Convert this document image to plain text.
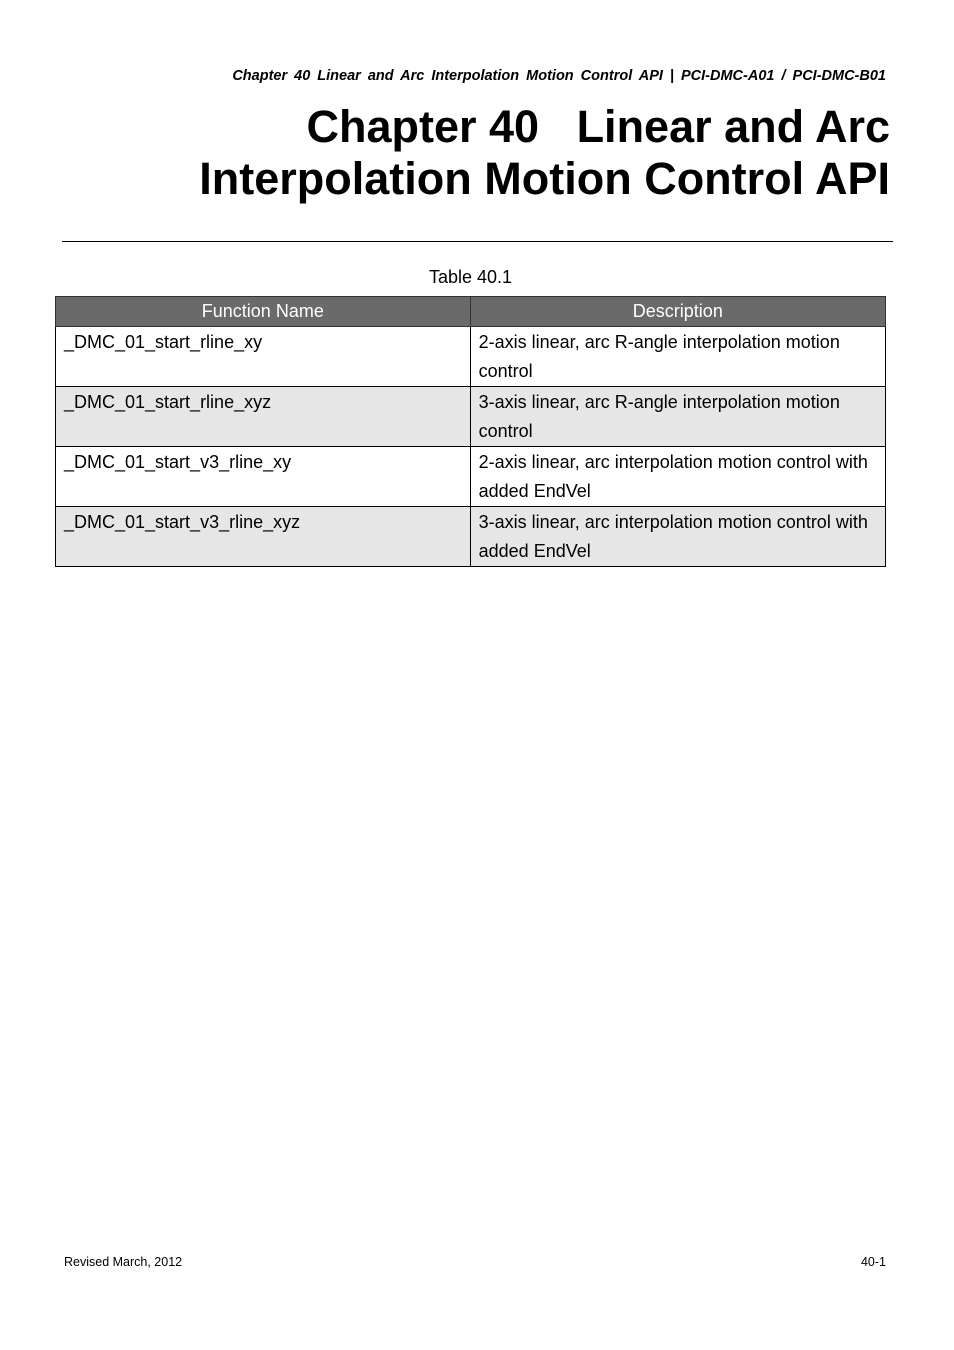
Chapter 40 Linear and Arc Interpolation Motion Control API | PCI-DMC-A01 / PCI-DMC-B01
Chapter 40   Linear and Arc
Interpolation Motion Control API
Table 40.1
Function Name	Description
_DMC_01_start_rline_xy	2-axis linear, arc R-angle interpolation motion control
_DMC_01_start_rline_xyz	3-axis linear, arc R-angle interpolation motion control
_DMC_01_start_v3_rline_xy	2-axis linear, arc interpolation motion control with added EndVel
_DMC_01_start_v3_rline_xyz	3-axis linear, arc interpolation motion control with added EndVel
Revised March, 2012	40-1
